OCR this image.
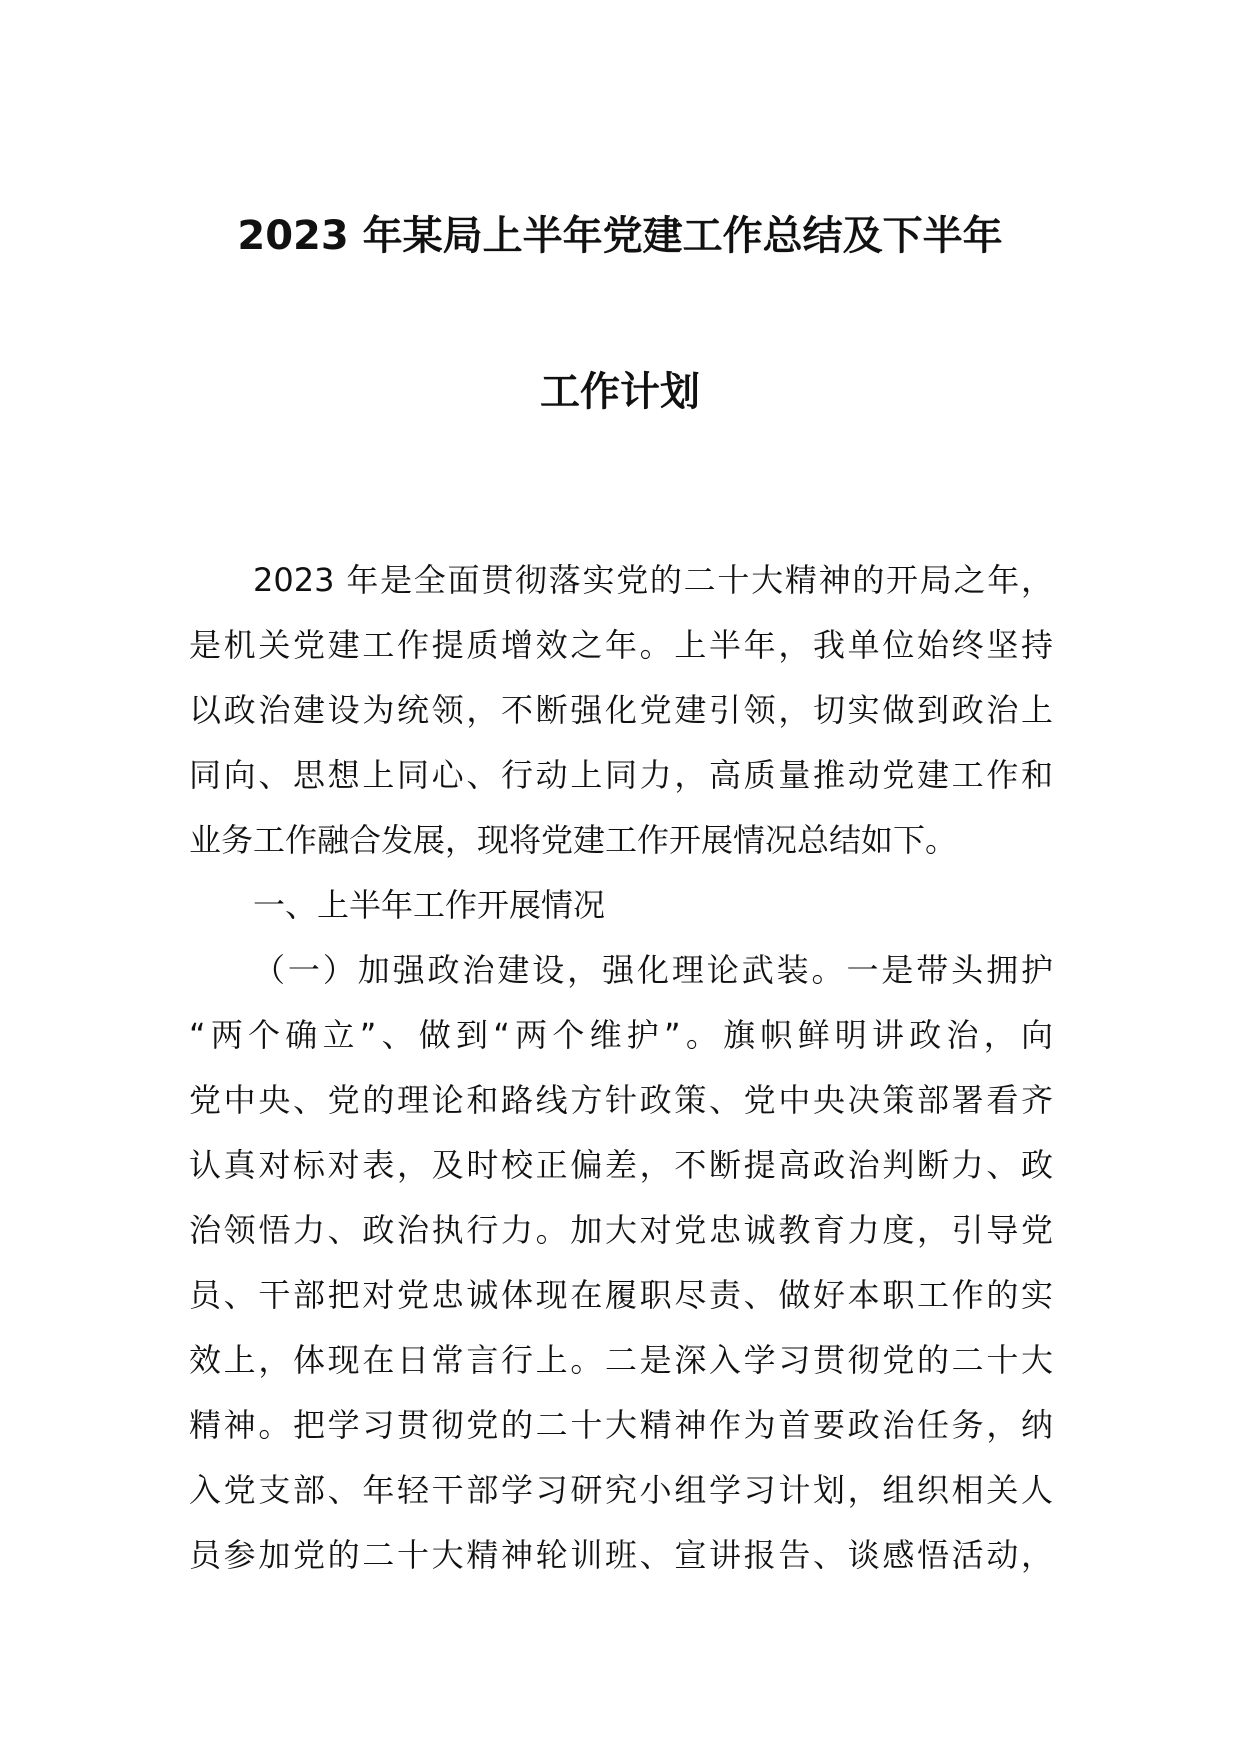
2023 年某局上半年党建工作总结及下半年
工作计划
2023 年是全面贯彻落实党的二十大精神的开局之年，
是机关党建工作提质增效之年。上半年，我单位始终坚持
以政治建设为统领，不断强化党建引领，切实做到政治上
同向、思想上同心、行动上同力，高质量推动党建工作和
业务工作融合发展，现将党建工作开展情况总结如下。
一、上半年工作开展情况
（一）加强政治建设，强化理论武装。一是带头拥护
“两个确立”、做到“两个维护”。旗帜鲜明讲政治，向
党中央、党的理论和路线方针政策、党中央决策部署看齐
认真对标对表，及时校正偏差，不断提高政治判断力、政
治领悟力、政治执行力。加大对党忠诚教育力度，引导党
员、干部把对党忠诚体现在履职尽责、做好本职工作的实
效上，体现在日常言行上。二是深入学习贯彻党的二十大
精神。把学习贯彻党的二十大精神作为首要政治任务，纳
入党支部、年轻干部学习研究小组学习计划，组织相关人
员参加党的二十大精神轮训班、宣讲报告、谈感悟活动，
